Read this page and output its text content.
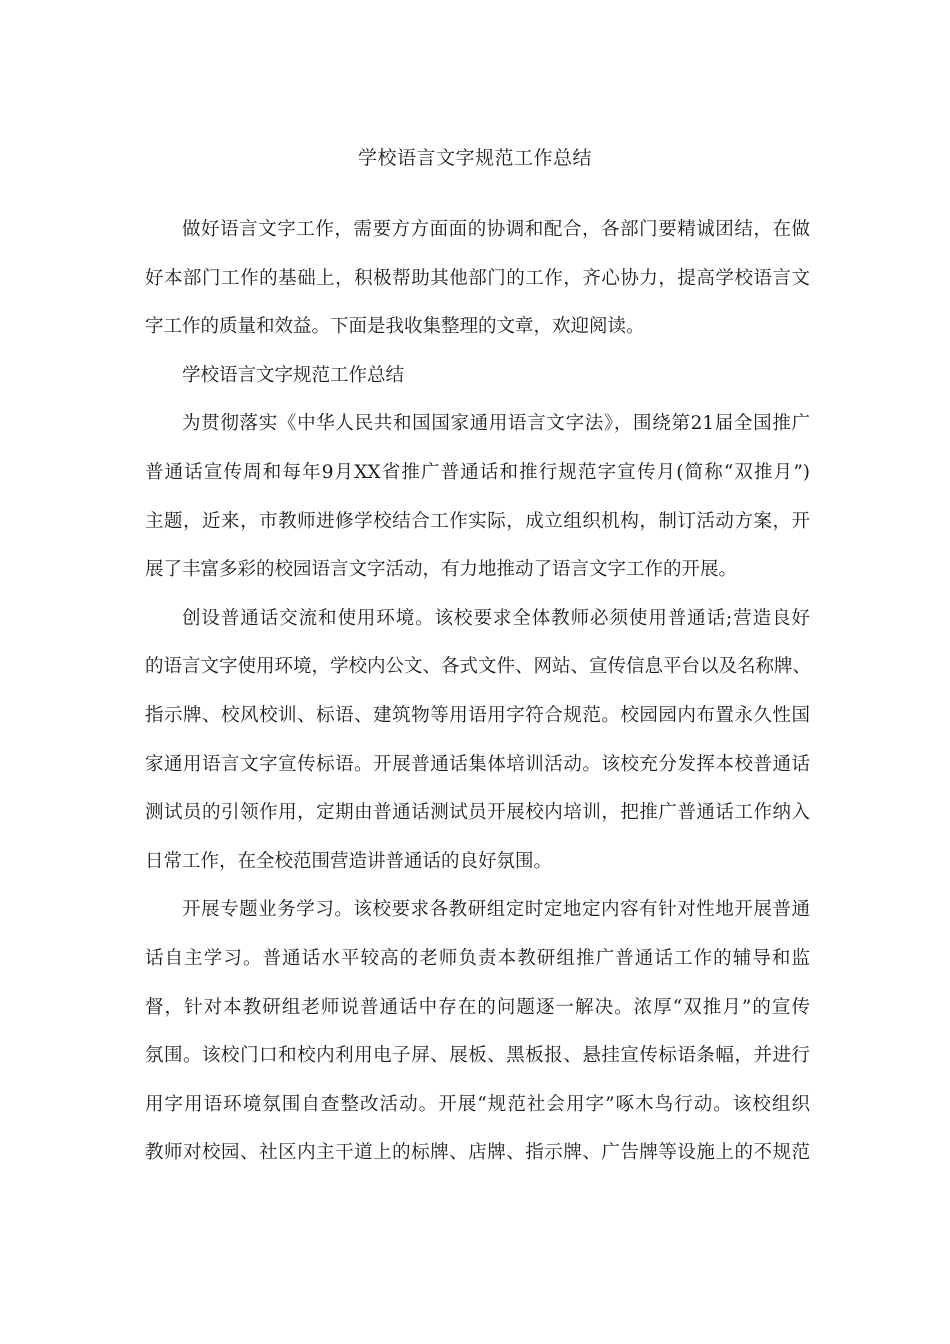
学校语言文字规范工作总结
做好语言文字工作，需要方方面面的协调和配合，各部门要精诚团结，在做
好本部门工作的基础上，积极帮助其他部门的工作，齐心协力，提高学校语言文
字工作的质量和效益。下面是我收集整理的文章，欢迎阅读。
学校语言文字规范工作总结
为贯彻落实《中华人民共和国国家通用语言文字法》，围绕第21届全国推广
普通话宣传周和每年9月XX省推广普通话和推行规范字宣传月(简称“双推月”)
主题，近来，市教师进修学校结合工作实际，成立组织机构，制订活动方案，开
展了丰富多彩的校园语言文字活动，有力地推动了语言文字工作的开展。
创设普通话交流和使用环境。该校要求全体教师必须使用普通话;营造良好
的语言文字使用环境，学校内公文、各式文件、网站、宣传信息平台以及名称牌、
指示牌、校风校训、标语、建筑物等用语用字符合规范。校园园内布置永久性国
家通用语言文字宣传标语。开展普通话集体培训活动。该校充分发挥本校普通话
测试员的引领作用，定期由普通话测试员开展校内培训，把推广普通话工作纳入
日常工作，在全校范围营造讲普通话的良好氛围。
开展专题业务学习。该校要求各教研组定时定地定内容有针对性地开展普通
话自主学习。普通话水平较高的老师负责本教研组推广普通话工作的辅导和监
督，针对本教研组老师说普通话中存在的问题逐一解决。浓厚“双推月”的宣传
氛围。该校门口和校内利用电子屏、展板、黑板报、悬挂宣传标语条幅，并进行
用字用语环境氛围自查整改活动。开展“规范社会用字”啄木鸟行动。该校组织
教师对校园、社区内主干道上的标牌、店牌、指示牌、广告牌等设施上的不规范
